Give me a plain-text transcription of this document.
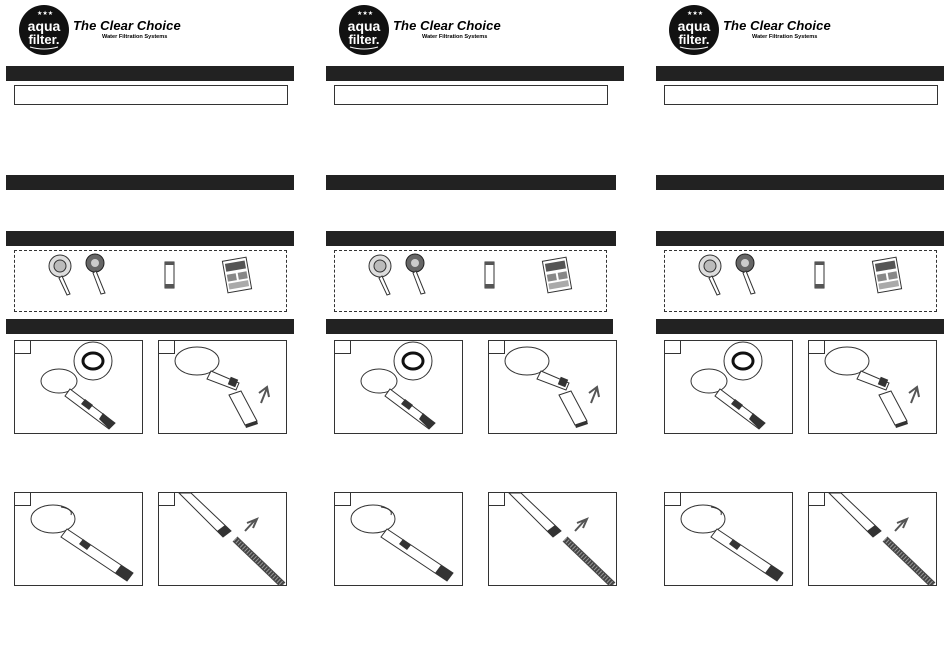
★★★
aqua
filter.
The Clear Choice
Water Filtration Systems
★★★
aqua
filter.
The Clear Choice
Water Filtration Systems
★★★
aqua
filter.
The Clear Choice
Water Filtration Systems
